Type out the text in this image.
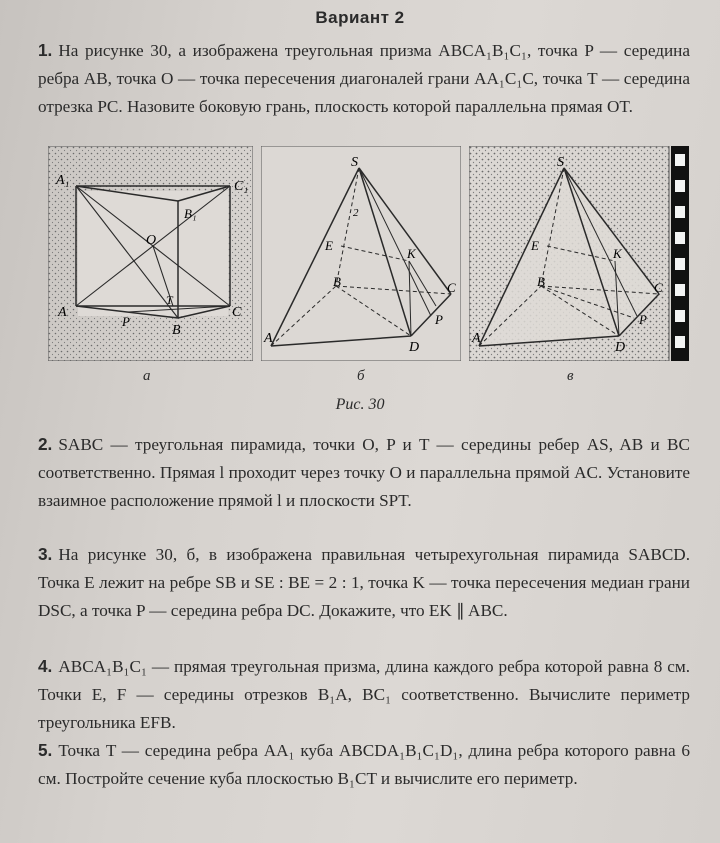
Вариант 2
1. На рисунке 30, а изображена треугольная призма ABCA₁B₁C₁, точка P — середина ребра AB, точка O — точка пересечения диагоналей грани AA₁C₁C, точка T — середина отрезка PC. Назовите боковую грань, плоскость которой параллельна прямая OT.
A₁	C₁
B₁
O
T
A
P
B
C
S
2
E
K
B	C
P
A
D
S
E
K
B	C
P
A
D
а	б	в
Рис. 30
2. SABC — треугольная пирамида, точки O, P и T — середины ребер AS, AB и BC соответственно. Прямая l проходит через точку O и параллельна прямой AC. Установите взаимное расположение прямой l и плоскости SPT.
3. На рисунке 30, б, в изображена правильная четырехугольная пирамида SABCD. Точка E лежит на ребре SB и SE : BE = 2 : 1, точка K — точка пересечения медиан грани DSC, а точка P — середина ребра DC. Докажите, что EK ∥ ABC.
4. ABCA₁B₁C₁ — прямая треугольная призма, длина каждого ребра которой равна 8 см. Точки E, F — середины отрезков B₁A, BC₁ соответственно. Вычислите периметр треугольника EFB.
5. Точка T — середина ребра AA₁ куба ABCDA₁B₁C₁D₁, длина ребра которого равна 6 см. Постройте сечение куба плоскостью B₁CT и вычислите его периметр.
